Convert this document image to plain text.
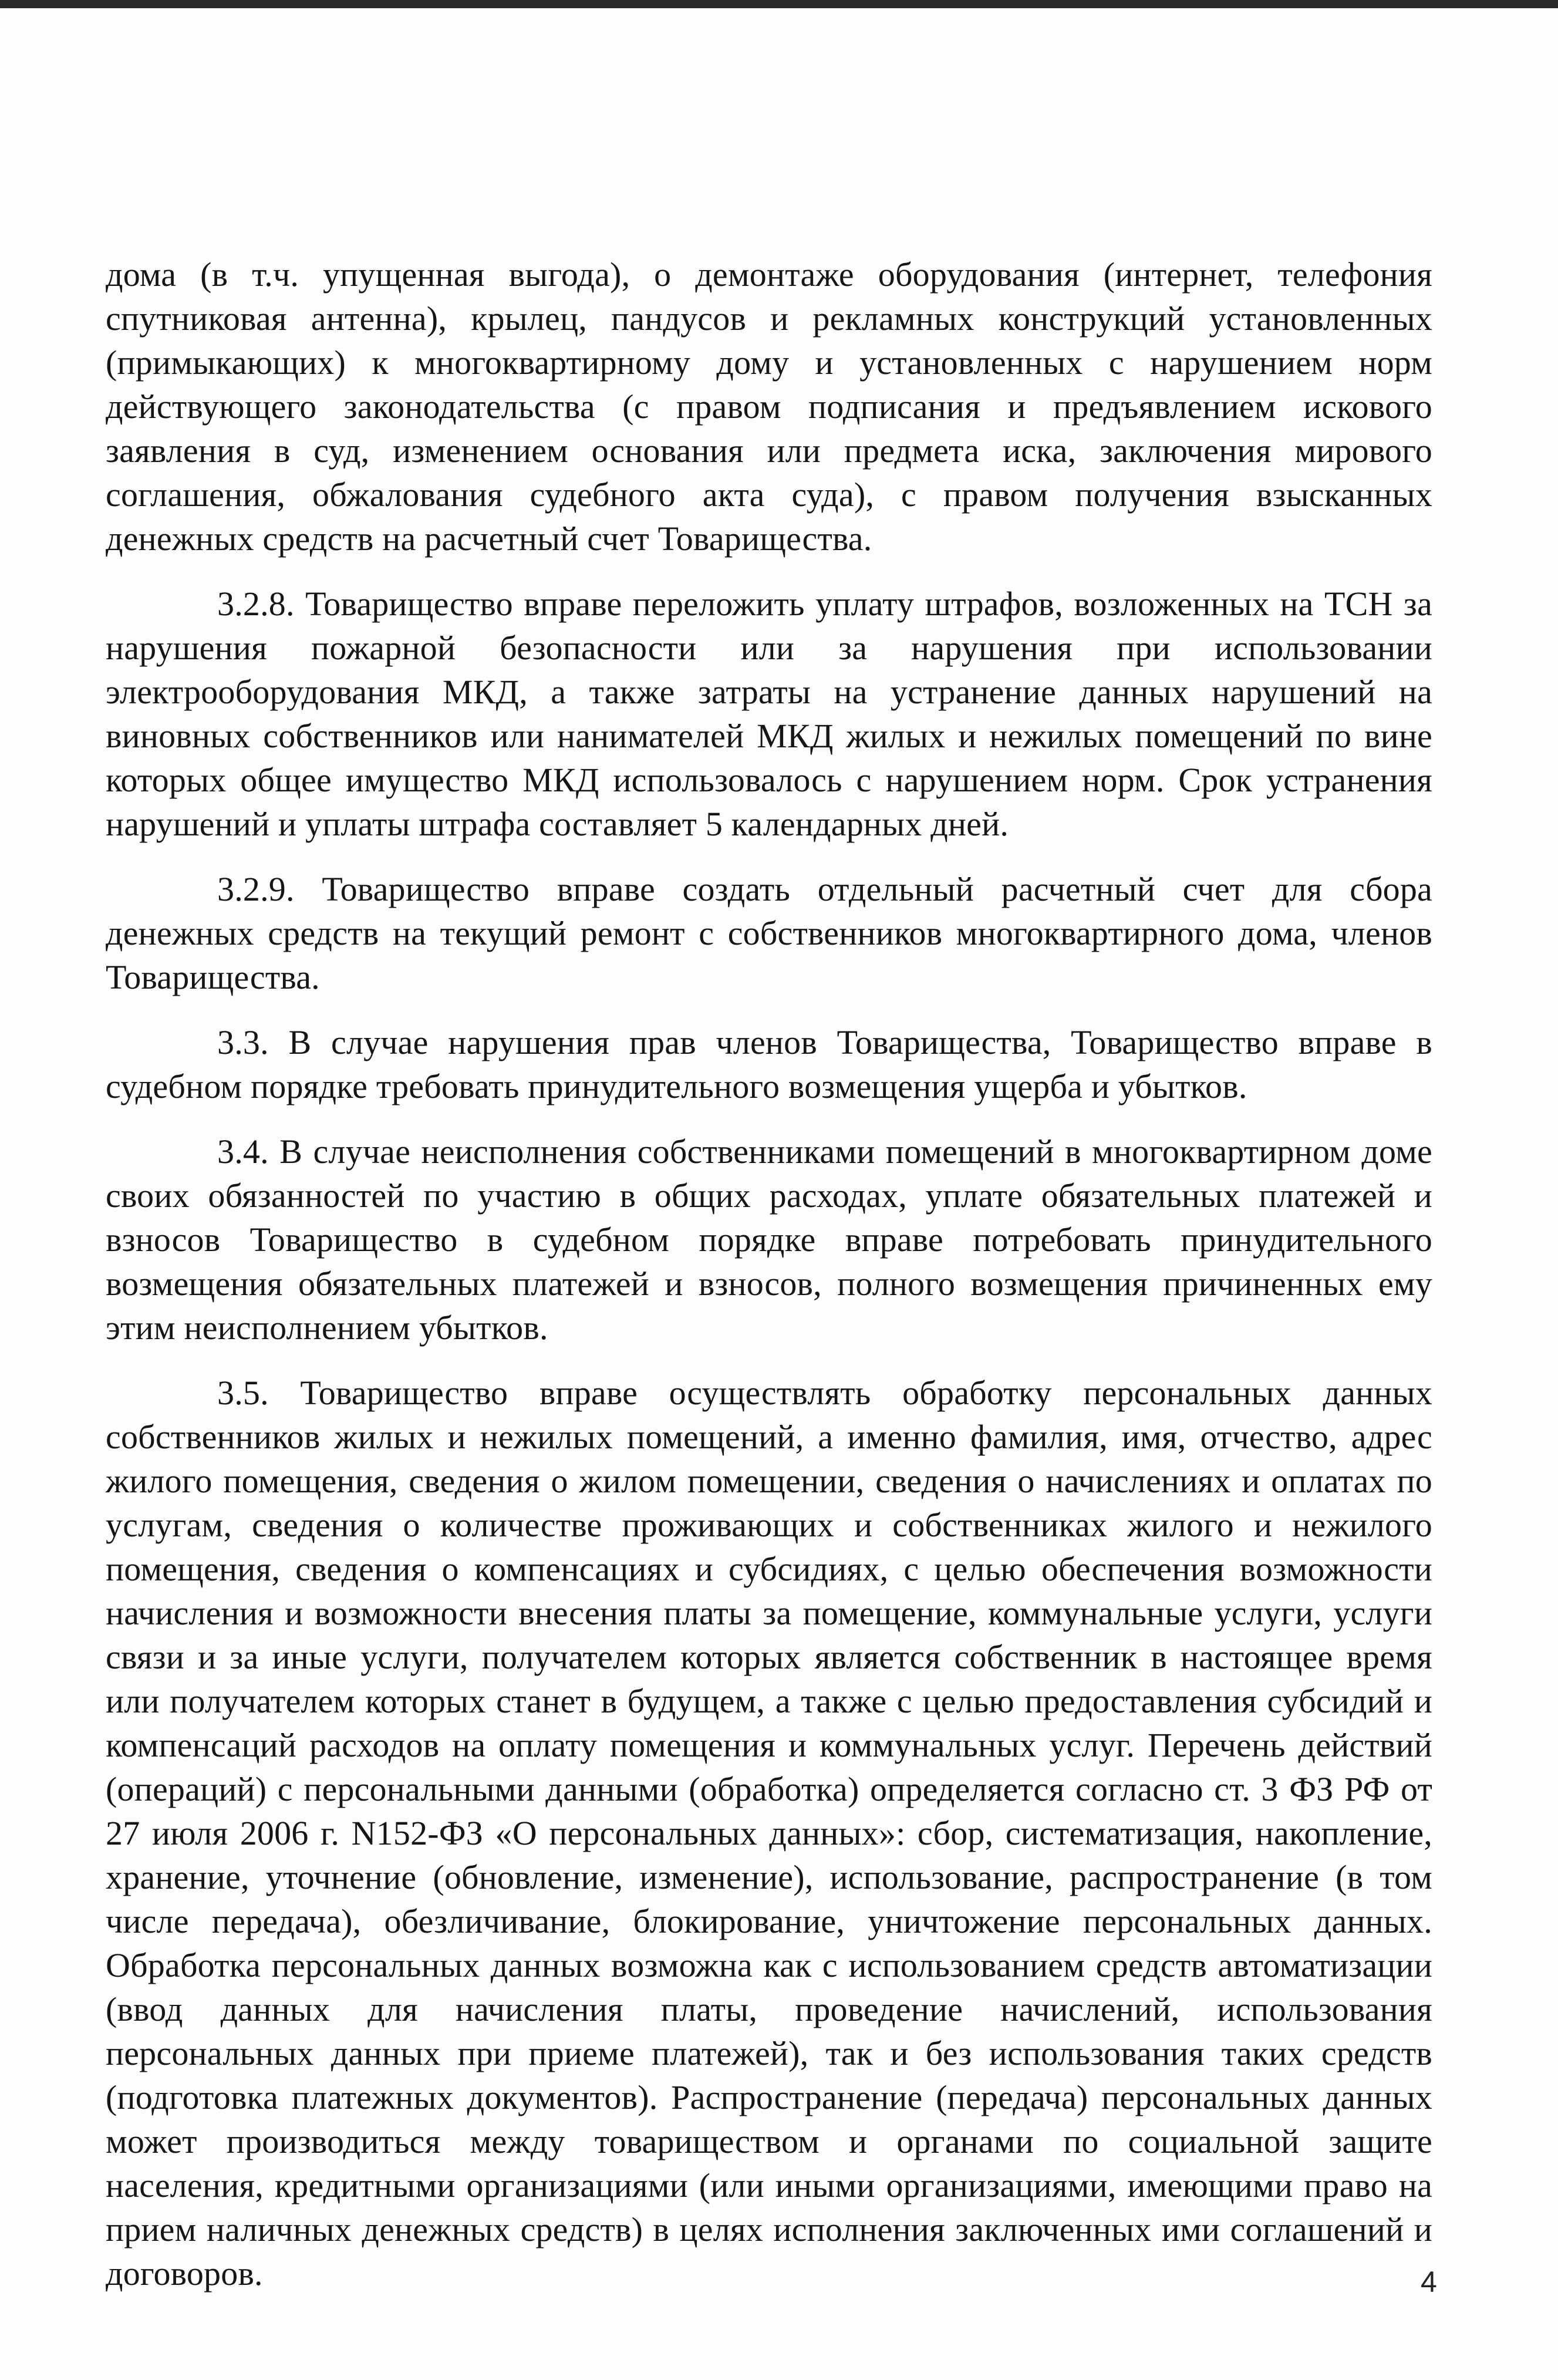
дома (в т.ч. упущенная выгода), о демонтаже оборудования (интернет, телефония спутниковая антенна), крылец, пандусов и рекламных конструкций установленных (примыкающих) к многоквартирному дому и установленных с нарушением норм действующего законодательства (с правом подписания и предъявлением искового заявления в суд, изменением основания или предмета иска, заключения мирового соглашения, обжалования судебного акта суда), с правом получения взысканных денежных средств на расчетный счет Товарищества.

3.2.8. Товарищество вправе переложить уплату штрафов, возложенных на ТСН за нарушения пожарной безопасности или за нарушения при использовании электрооборудования МКД, а также затраты на устранение данных нарушений на виновных собственников или нанимателей МКД жилых и нежилых помещений по вине которых общее имущество МКД использовалось с нарушением норм. Срок устранения нарушений и уплаты штрафа составляет 5 календарных дней.

3.2.9. Товарищество вправе создать отдельный расчетный счет для сбора денежных средств на текущий ремонт с собственников многоквартирного дома, членов Товарищества.

3.3. В случае нарушения прав членов Товарищества, Товарищество вправе в судебном порядке требовать принудительного возмещения ущерба и убытков.

3.4. В случае неисполнения собственниками помещений в многоквартирном доме своих обязанностей по участию в общих расходах, уплате обязательных платежей и взносов Товарищество в судебном порядке вправе потребовать принудительного возмещения обязательных платежей и взносов, полного возмещения причиненных ему этим неисполнением убытков.

3.5. Товарищество вправе осуществлять обработку персональных данных собственников жилых и нежилых помещений, а именно фамилия, имя, отчество, адрес жилого помещения, сведения о жилом помещении, сведения о начислениях и оплатах по услугам, сведения о количестве проживающих и собственниках жилого и нежилого помещения, сведения о компенсациях и субсидиях, с целью обеспечения возможности начисления и возможности внесения платы за помещение, коммунальные услуги, услуги связи и за иные услуги, получателем которых является собственник в настоящее время или получателем которых станет в будущем, а также с целью предоставления субсидий и компенсаций расходов на оплату помещения и коммунальных услуг. Перечень действий (операций) с персональными данными (обработка) определяется согласно ст. 3 ФЗ РФ от 27 июля 2006 г. N152-ФЗ «О персональных данных»: сбор, систематизация, накопление, хранение, уточнение (обновление, изменение), использование, распространение (в том числе передача), обезличивание, блокирование, уничтожение персональных данных. Обработка персональных данных возможна как с использованием средств автоматизации (ввод данных для начисления платы, проведение начислений, использования персональных данных при приеме платежей), так и без использования таких средств (подготовка платежных документов). Распространение (передача) персональных данных может производиться между товариществом и органами по социальной защите населения, кредитными организациями (или иными организациями, имеющими право на прием наличных денежных средств) в целях исполнения заключенных ими соглашений и договоров.	4
